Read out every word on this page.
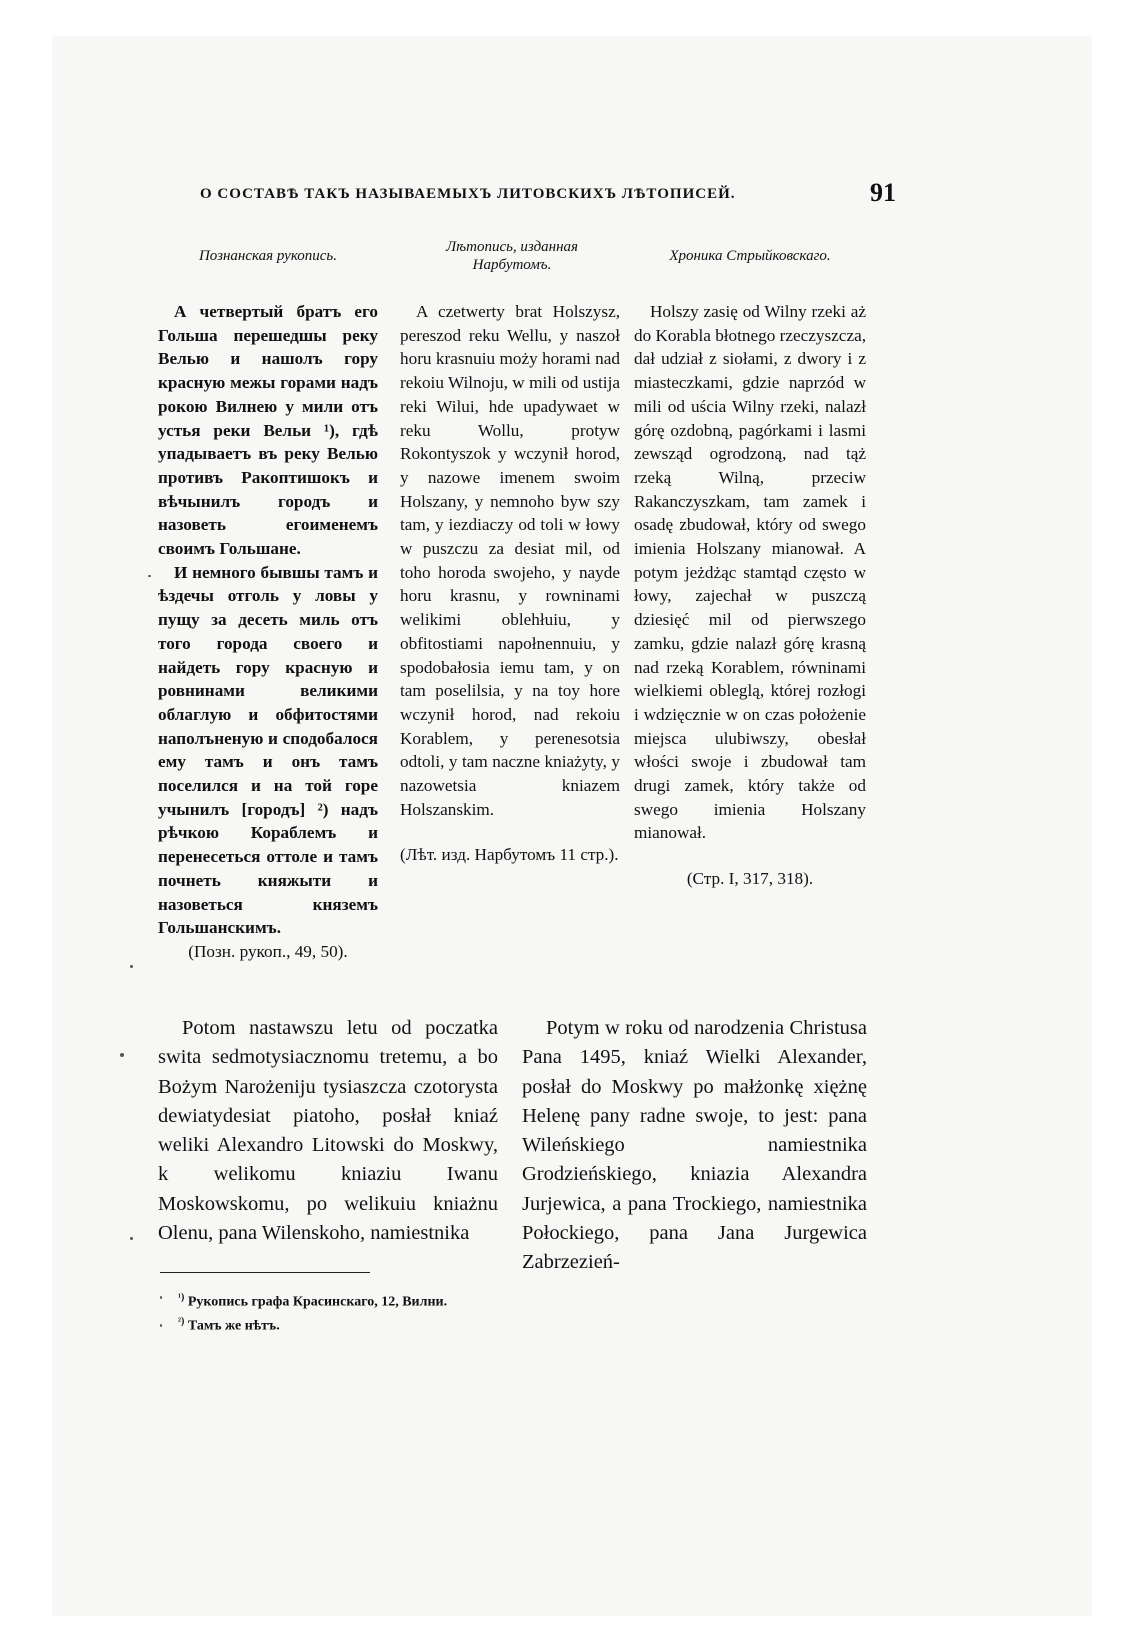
О СОСТАВѢ ТАКЪ НАЗЫВАЕМЫХЪ ЛИТОВСКИХЪ ЛѢТОПИСЕЙ.	91
Познанская рукопись.
Лѣтопись, изданная Нарбутомъ.
Хроника Стрыйковскаго.

А четвертый братъ его Гольша перешедшы реку Велью и нашолъ гору красную межы горами надъ рокою Вилнею у мили отъ устья реки Вельи ¹), гдѣ упадываетъ въ реку Велью противъ Ракоптишокъ и вѣчынилъ городъ и назоветь егоименемъ своимъ Гольшане.

И немного бывшы тамъ и ѣздечы отголь у ловы у пущу за десеть миль отъ того города своего и найдеть гору красную и ровнинами великими облаглую и обфитостями наполъненую и сподобалося ему тамъ и онъ тамъ поселился и на той горе учынилъ [городъ] ²) надъ рѣчкою Кораблемъ и перенесеться оттоле и тамъ почнеть княжыти и назоветься княземъ Гольшанскимъ.

(Позн. рукоп., 49, 50).

A czetwerty brat Holszysz, pereszod reku Wellu, y naszoł horu krasnuiu możу horami nad rekoiu Wilnoju, w mili od ustija reki Wilui, hde upadywaet w reku Wollu, protyw Rokontyszok y wczynił horod, y nazowe imenem swoim Holszany, y nemnoho byw szy tam, y iezdiaczy od toli w łowy w puszczu za desiat mil, od toho horoda swojeho, y nayde horu krasnu, y rowninami welikimi oblehłuiu, y obfitostiami napołnennuiu, y spodobałosia iemu tam, y on tam poselilsia, y na toy hore wczynił horod, nad rekoiu Korablem, y perenesotsia odtoli, y tam naczne kniażyty, y nazowetsia kniazem Holszanskim.

(Лѣт. изд. Нарбутомъ 11 стр.).

Holszy zasię od Wilny rzeki aż do Korabla błotnego rzeczyszcza, dał udział z siołami, z dwory i z miasteczkami, gdzie naprzód w mili od uścia Wilny rzeki, nalazł górę ozdobną, pagórkami i lasmi zewsząd ogrodzoną, nad tąż rzeką Wilną, przeciw Rakanczyszkam, tam zamek i osadę zbudował, który od swego imienia Holszany mianował. A potym jeżdżąc stamtąd często w łowy, zajechał w puszczą dziesięć mil od pierwszego zamku, gdzie nalazł górę krasną nad rzeką Korablem, równinami wielkiemi obleglą, której rozłogi i wdzięcznie w on czas położenie miejsca ulubiwszy, obesłał włości swoje i zbudował tam drugi zamek, który także od swego imienia Holszany mianował.

(Стр. I, 317, 318).

Potom nastawszu letu od poczatka swita sedmotysiacznomu tretemu, a bo Bożym Narożeniju tysiaszcza czotorysta dewiatydesiat piatoho, posłał kniaź weliki Alexandro Litowski do Moskwy, k welikomu kniaziu Iwanu Moskowskomu, po welikuiu kniażnu Olenu, pana Wilenskoho, namiestnika

Potym w roku od narodzenia Christusa Pana 1495, kniaź Wielki Alexander, posłał do Moskwy po małżonkę xiężnę Helenę pany radne swoje, to jest: pana Wileńskiego namiestnika Grodzieńskiego, kniazia Alexandra Jurjewica, a pana Trockiego, namiestnika Połockiego, pana Jana Jurgewica Zabrzezień-

$^{^1)}$ Рукопись графа Красинскаго, 12, Вилни.
$^{^2)}$ Тамъ же нѣтъ.
